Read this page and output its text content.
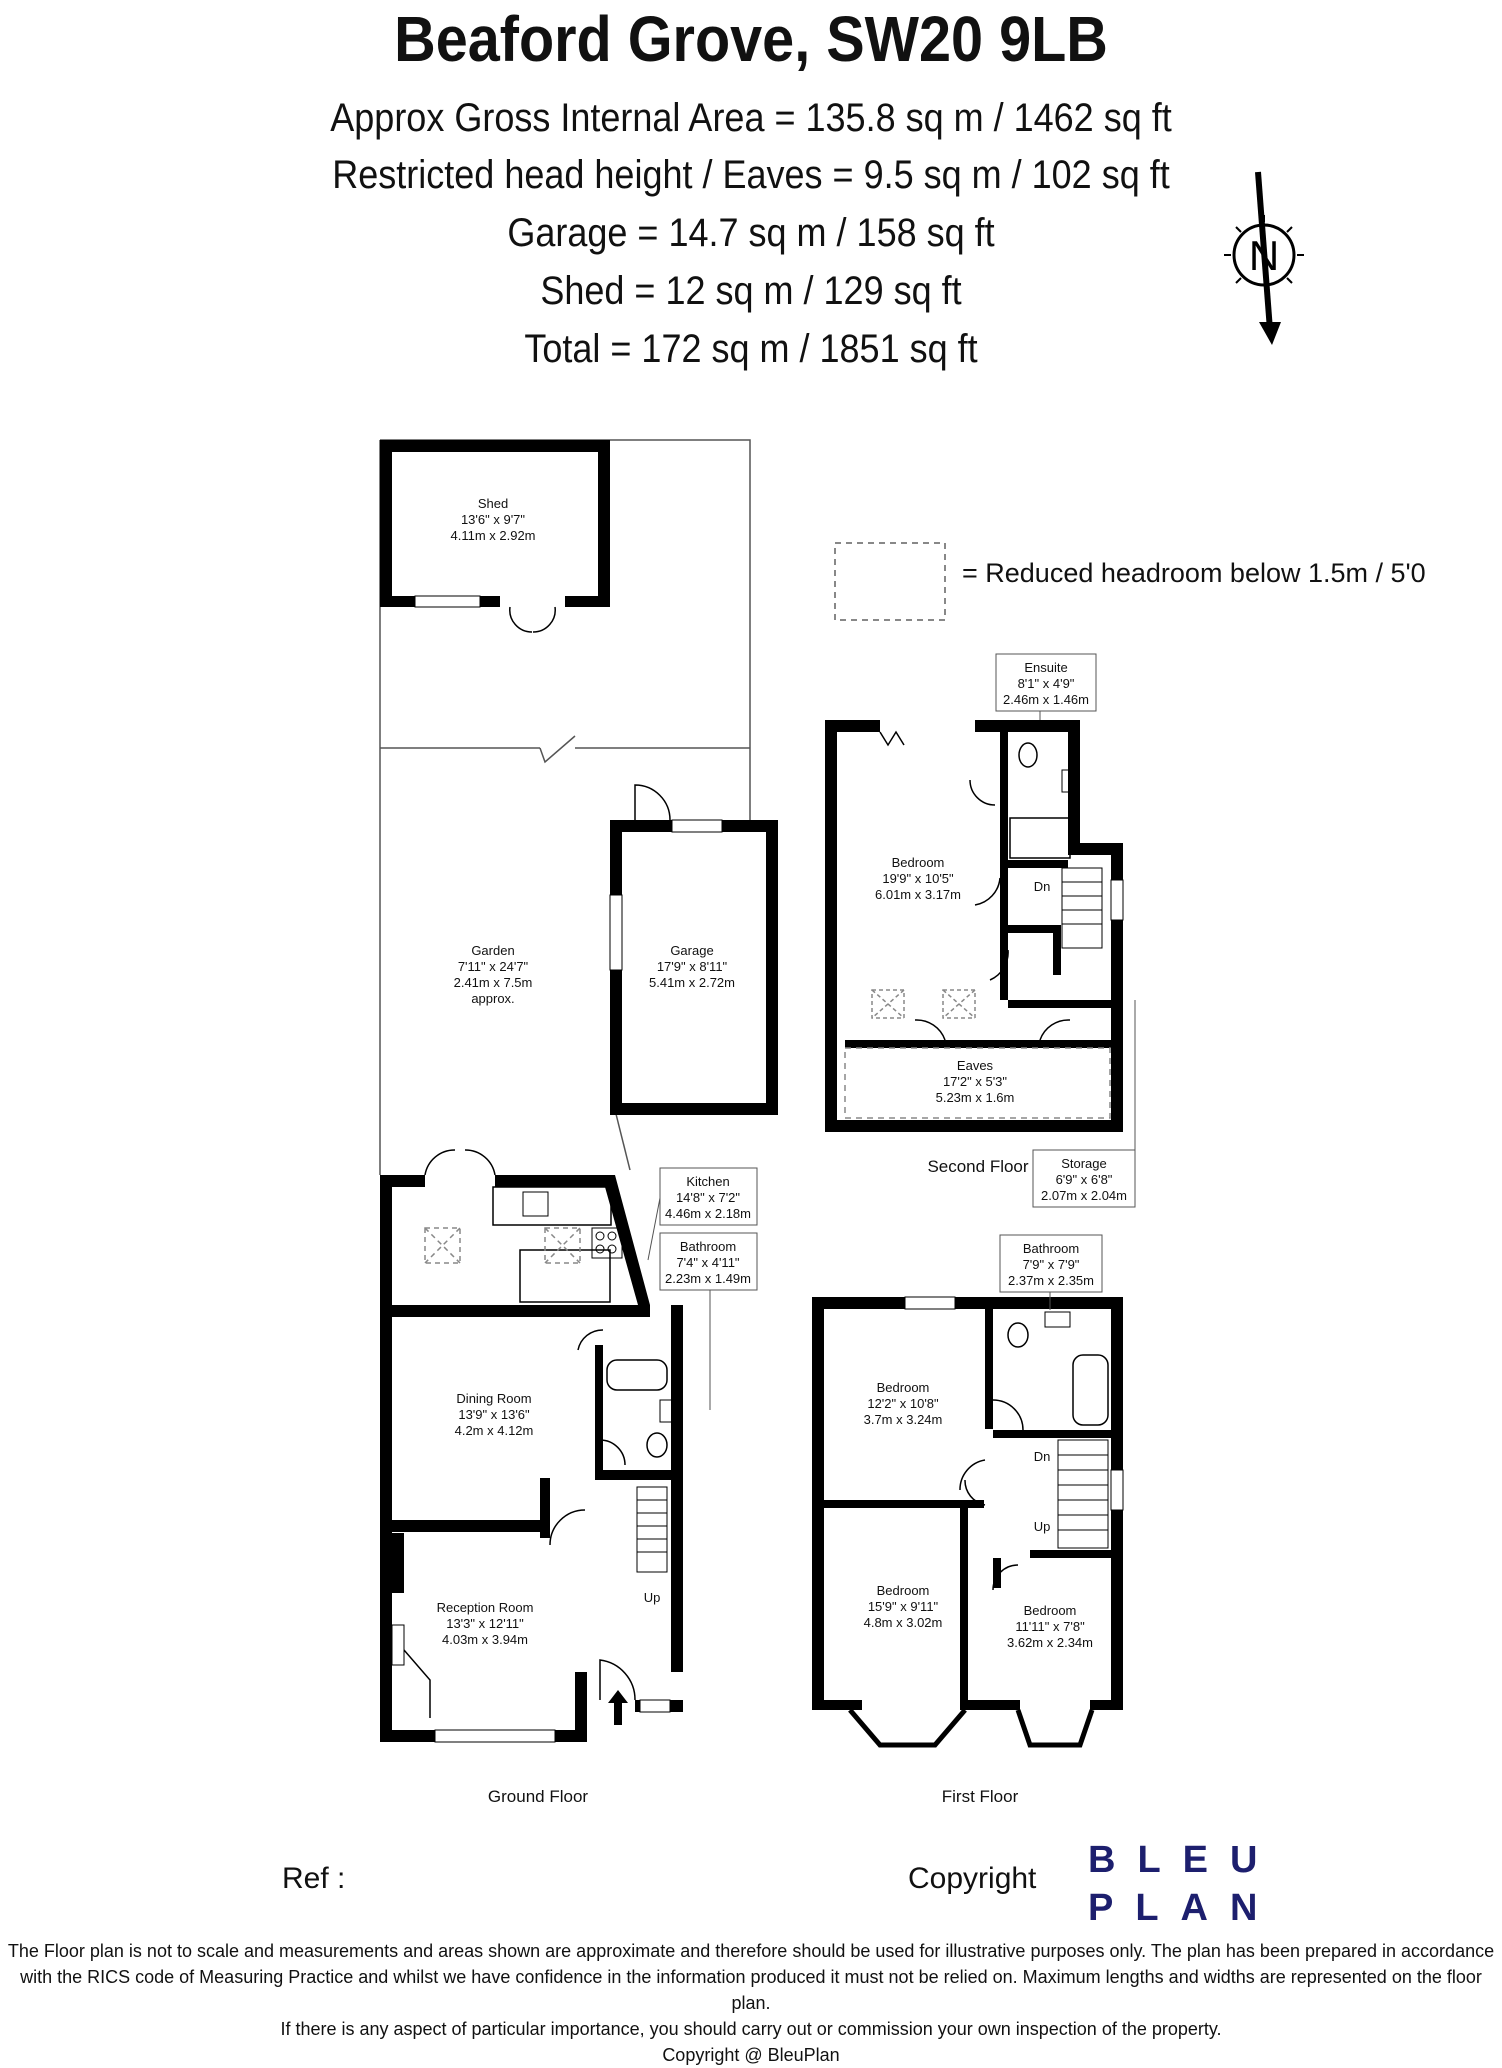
Beaford Grove, SW20 9LB
Approx Gross Internal Area = 135.8 sq m / 1462 sq ft
Restricted head height / Eaves = 9.5 sq m / 102 sq ft
Garage = 14.7 sq m / 158 sq ft
Shed = 12 sq m / 129 sq ft
Total = 172 sq m / 1851 sq ft
N
Up
Dn
Dn
Up
Shed
13'6" x 9'7"
4.11m x 2.92m
Garden
7'11" x 24'7"
2.41m x 7.5m
approx.
Garage
17'9" x 8'11"
5.41m x 2.72m
Dining Room
13'9" x 13'6"
4.2m x 4.12m
Reception Room
13'3" x 12'11"
4.03m x 3.94m
Bedroom
19'9" x 10'5"
6.01m x 3.17m
Eaves
17'2" x 5'3"
5.23m x 1.6m
Bedroom
12'2" x 10'8"
3.7m x 3.24m
Bedroom
15'9" x 9'11"
4.8m x 3.02m
Bedroom
11'11" x 7'8"
3.62m x 2.34m
Kitchen
14'8" x 7'2"
4.46m x 2.18m
Bathroom
7'4" x 4'11"
2.23m x 1.49m
Ensuite
8'1" x 4'9"
2.46m x 1.46m
Storage
6'9" x 6'8"
2.07m x 2.04m
Bathroom
7'9" x 7'9"
2.37m x 2.35m
Ground Floor	First Floor
Second Floor
= Reduced headroom below 1.5m / 5'0
Ref :	Copyright BLEU
PLAN
The Floor plan is not to scale and measurements and areas shown are approximate and therefore should be used for illustrative purposes only. The plan has been prepared in accordance
with the RICS code of Measuring Practice and whilst we have confidence in the information produced it must not be relied on. Maximum lengths and widths are represented on the floor plan.
If there is any aspect of particular importance, you should carry out or commission your own inspection of the property.
Copyright @ BleuPlan
